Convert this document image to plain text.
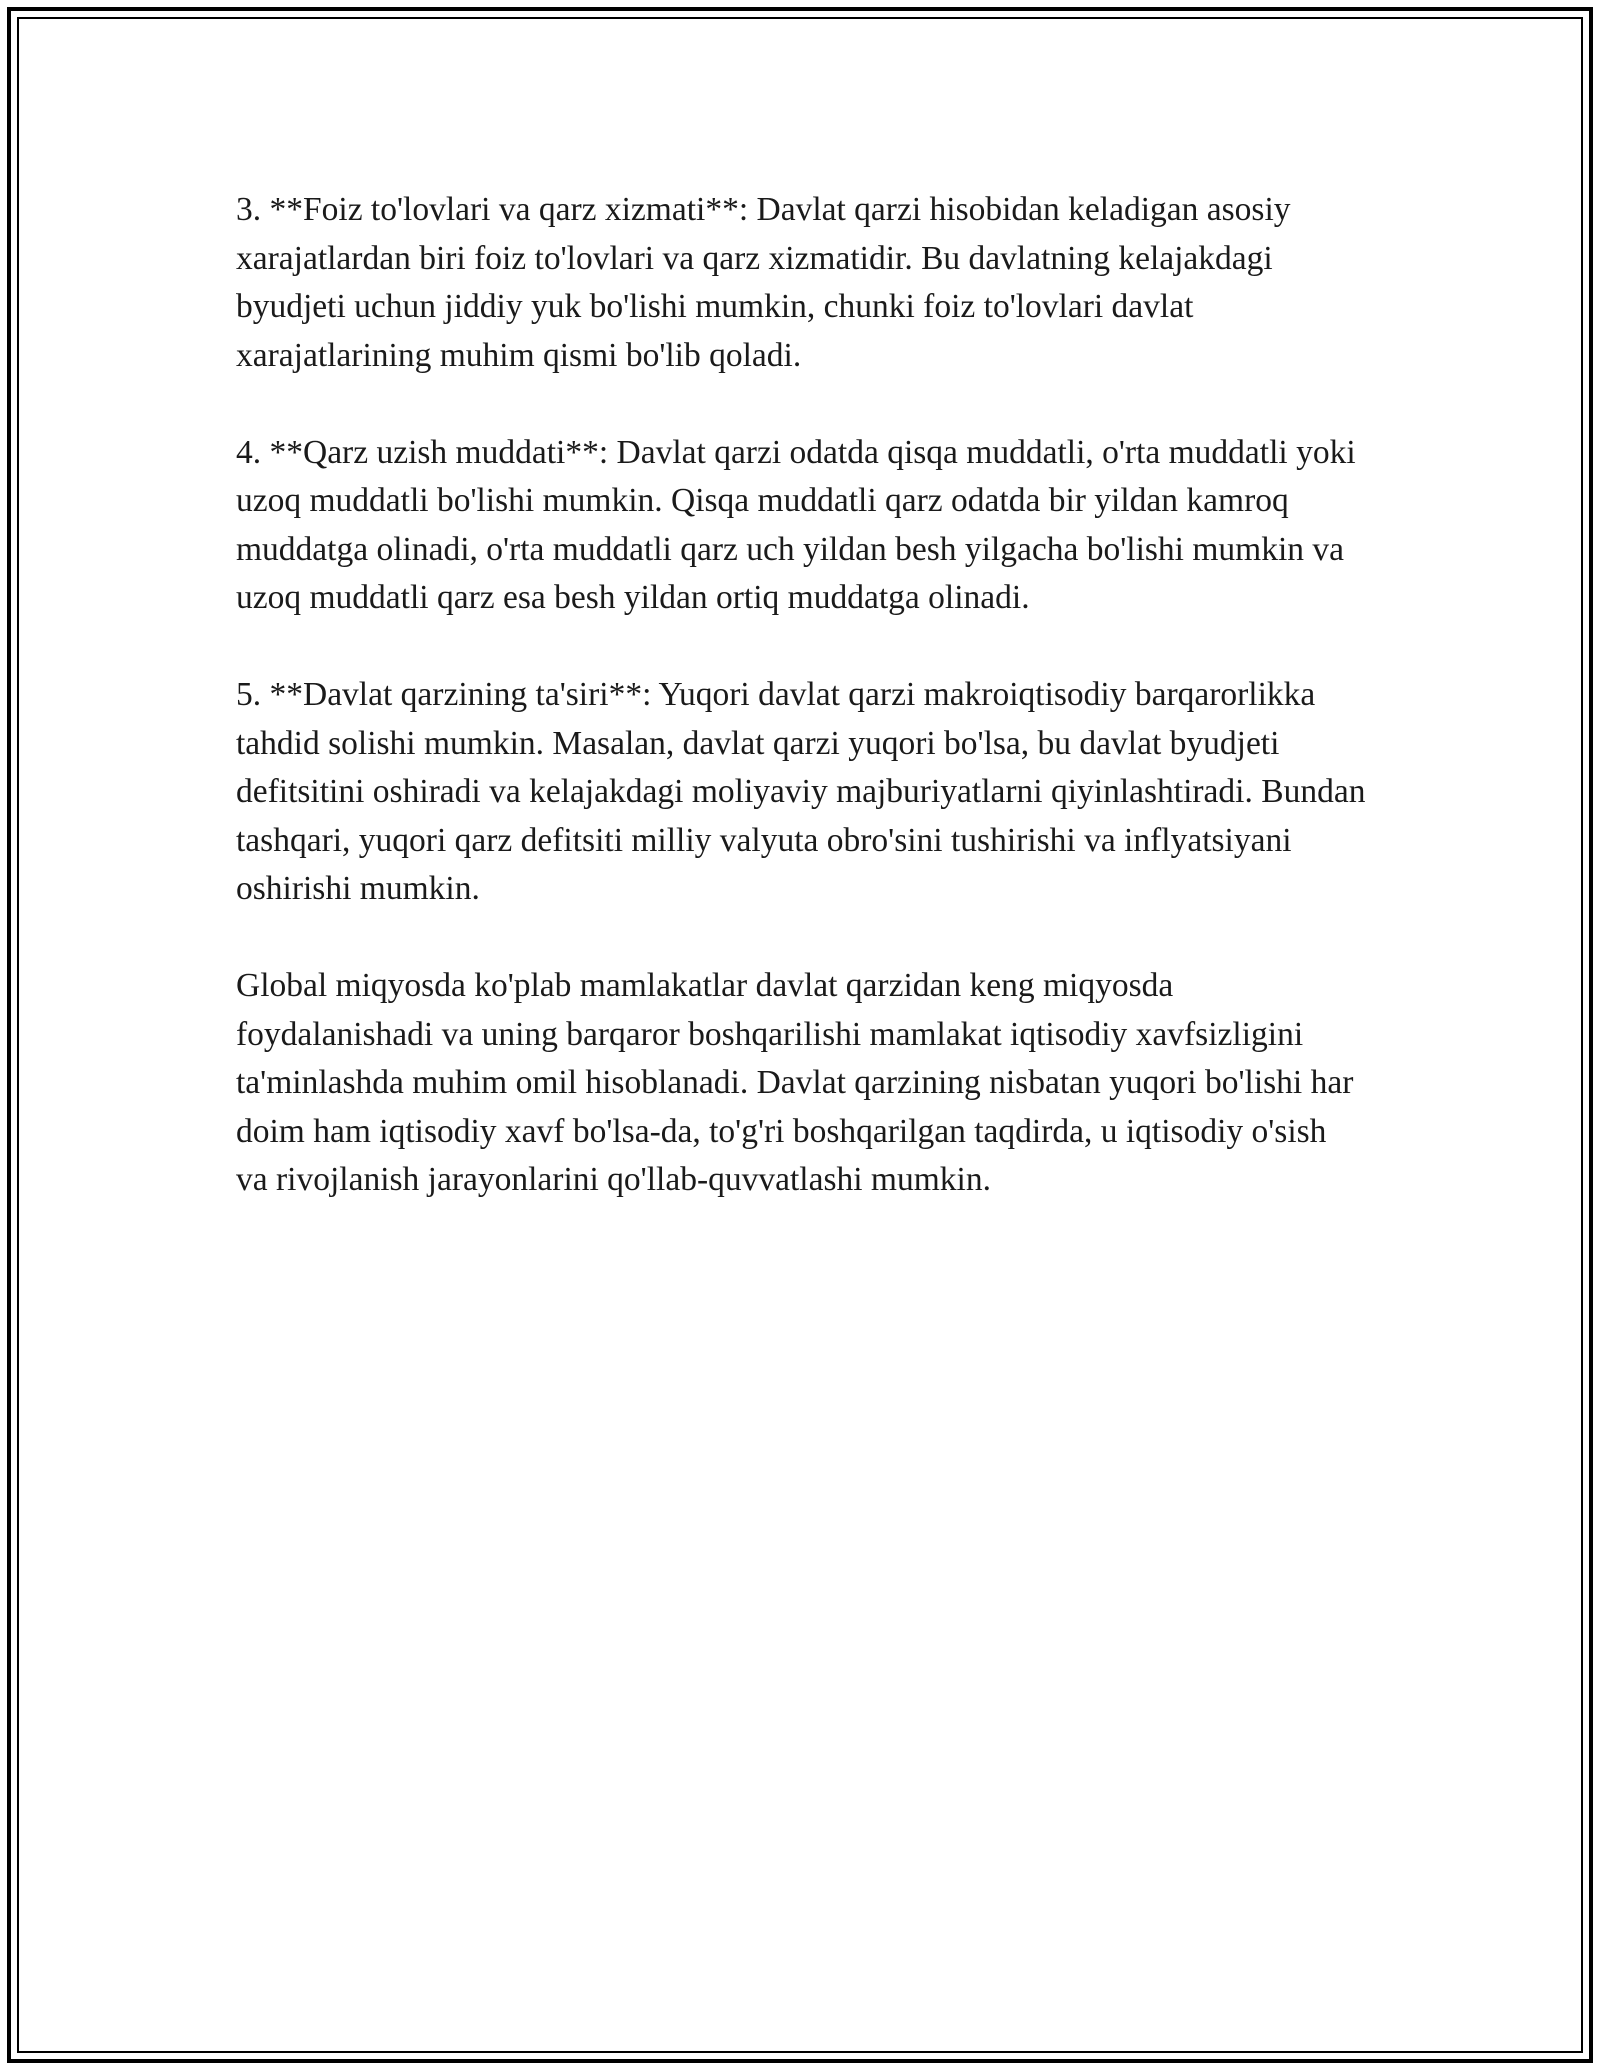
3. **Foiz to'lovlari va qarz xizmati**: Davlat qarzi hisobidan keladigan asosiy xarajatlardan biri foiz to'lovlari va qarz xizmatidir. Bu davlatning kelajakdagi byudjeti uchun jiddiy yuk bo'lishi mumkin, chunki foiz to'lovlari davlat xarajatlarining muhim qismi bo'lib qoladi.

4. **Qarz uzish muddati**: Davlat qarzi odatda qisqa muddatli, o'rta muddatli yoki uzoq muddatli bo'lishi mumkin. Qisqa muddatli qarz odatda bir yildan kamroq muddatga olinadi, o'rta muddatli qarz uch yildan besh yilgacha bo'lishi mumkin va uzoq muddatli qarz esa besh yildan ortiq muddatga olinadi.

5. **Davlat qarzining ta'siri**: Yuqori davlat qarzi makroiqtisodiy barqarorlikka tahdid solishi mumkin. Masalan, davlat qarzi yuqori bo'lsa, bu davlat byudjeti defitsitini oshiradi va kelajakdagi moliyaviy majburiyatlarni qiyinlashtiradi. Bundan tashqari, yuqori qarz defitsiti milliy valyuta obro'sini tushirishi va inflyatsiyani oshirishi mumkin.

Global miqyosda ko'plab mamlakatlar davlat qarzidan keng miqyosda foydalanishadi va uning barqaror boshqarilishi mamlakat iqtisodiy xavfsizligini ta'minlashda muhim omil hisoblanadi. Davlat qarzining nisbatan yuqori bo'lishi har doim ham iqtisodiy xavf bo'lsa-da, to'g'ri boshqarilgan taqdirda, u iqtisodiy o'sish va rivojlanish jarayonlarini qo'llab-quvvatlashi mumkin.
